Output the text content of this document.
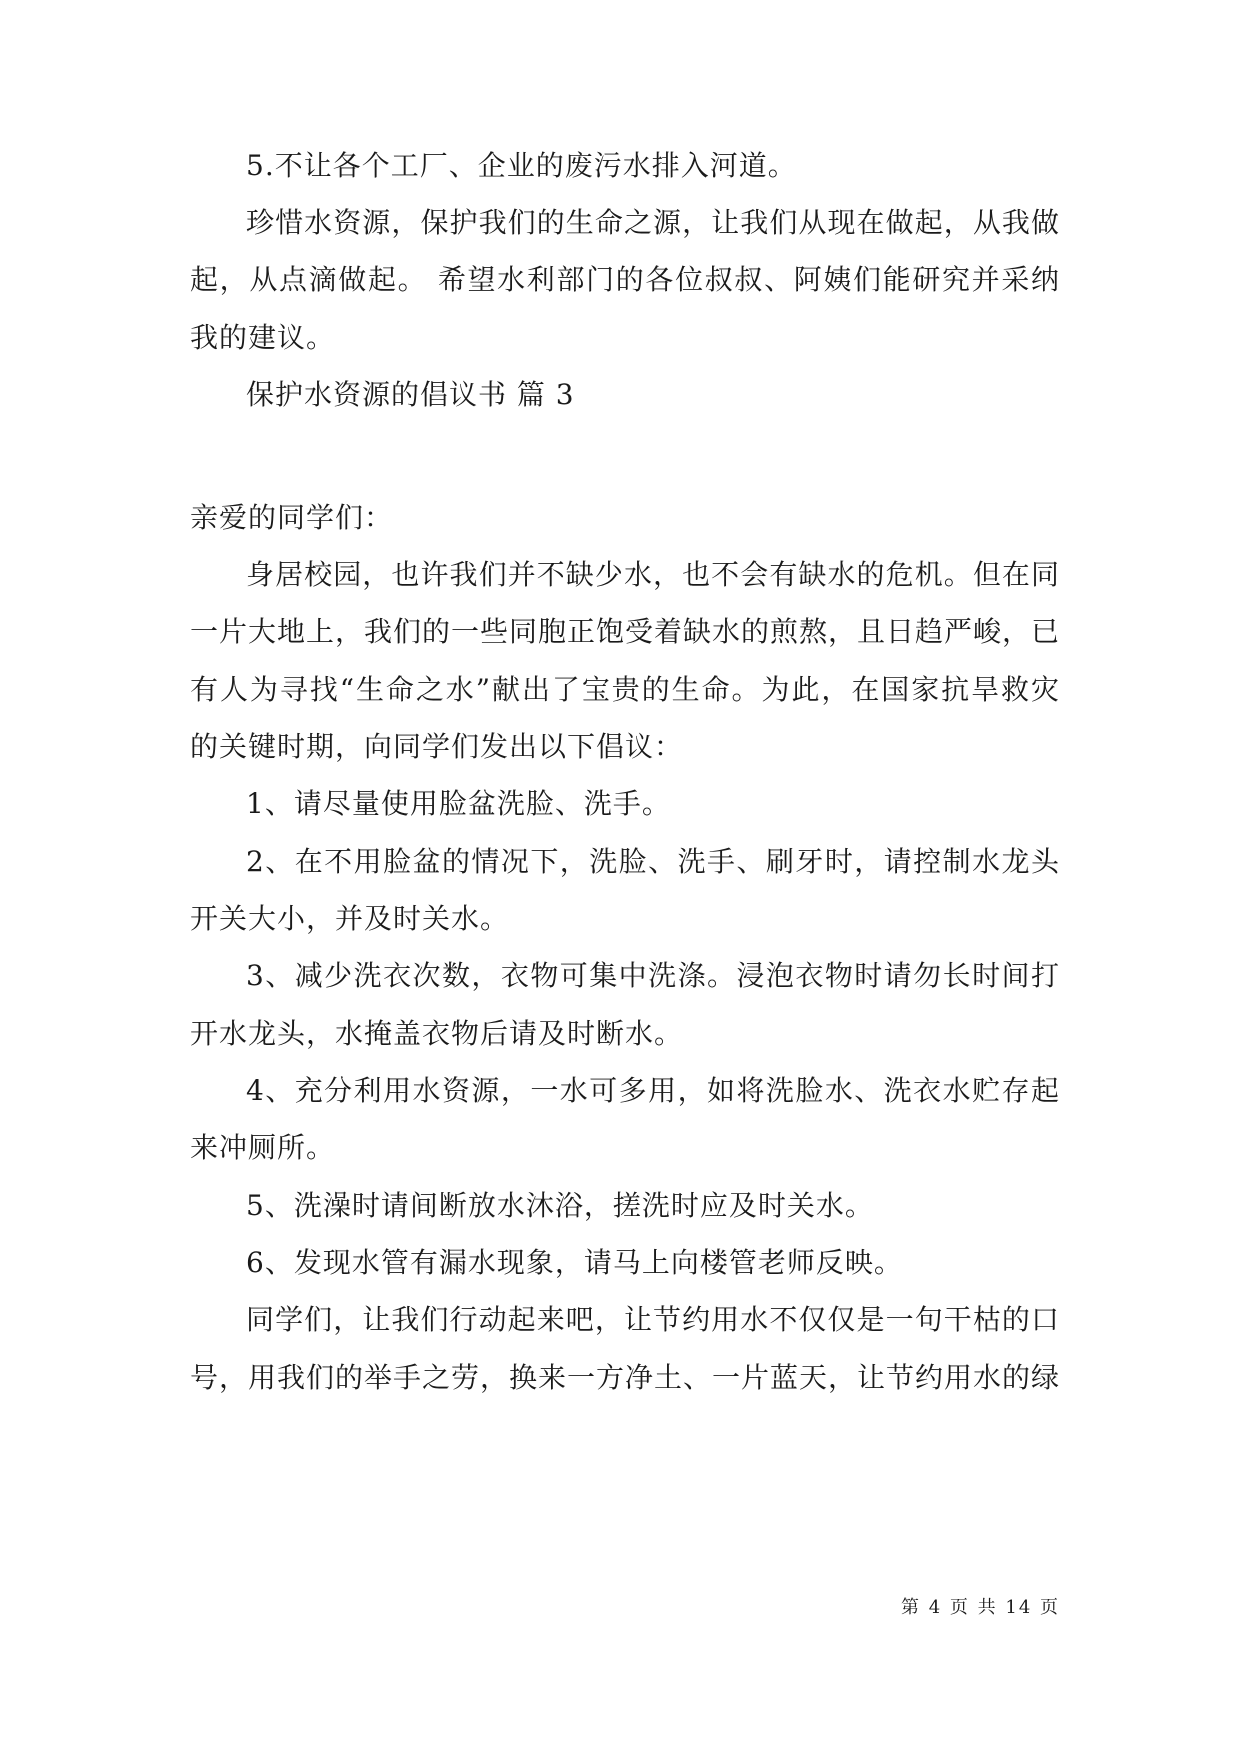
5.不让各个工厂、企业的废污水排入河道。
珍惜水资源，保护我们的生命之源，让我们从现在做起，从我做
起，从点滴做起。 希望水利部门的各位叔叔、阿姨们能研究并采纳
我的建议。
保护水资源的倡议书 篇 3
亲爱的同学们：
身居校园，也许我们并不缺少水，也不会有缺水的危机。但在同
一片大地上，我们的一些同胞正饱受着缺水的煎熬，且日趋严峻，已
有人为寻找“生命之水”献出了宝贵的生命。为此，在国家抗旱救灾
的关键时期，向同学们发出以下倡议：
1、请尽量使用脸盆洗脸、洗手。
2、在不用脸盆的情况下，洗脸、洗手、刷牙时，请控制水龙头
开关大小，并及时关水。
3、减少洗衣次数，衣物可集中洗涤。浸泡衣物时请勿长时间打
开水龙头，水掩盖衣物后请及时断水。
4、充分利用水资源，一水可多用，如将洗脸水、洗衣水贮存起
来冲厕所。
5、洗澡时请间断放水沐浴，搓洗时应及时关水。
6、发现水管有漏水现象，请马上向楼管老师反映。
同学们，让我们行动起来吧，让节约用水不仅仅是一句干枯的口
号，用我们的举手之劳，换来一方净土、一片蓝天，让节约用水的绿
第 4 页 共 14 页
